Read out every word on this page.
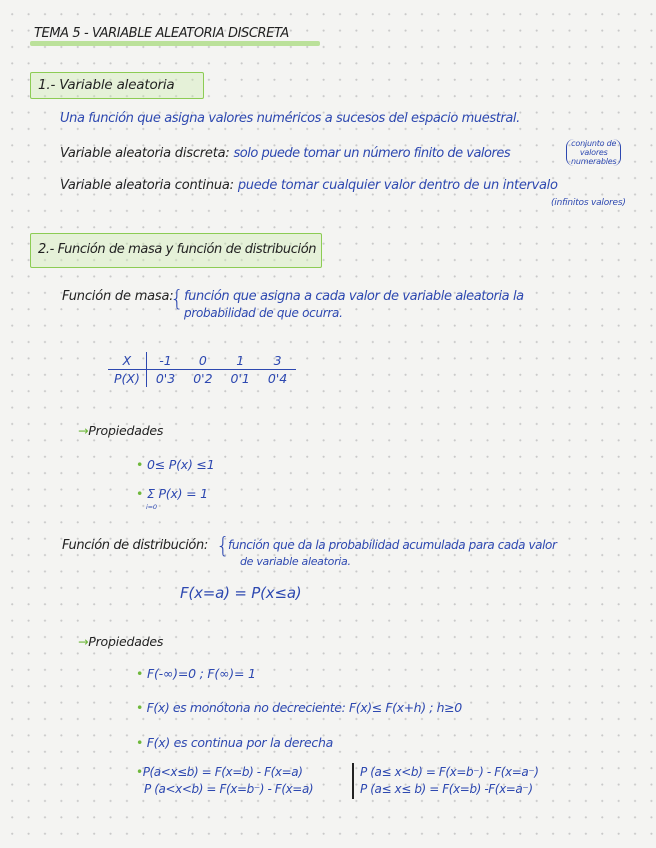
TEMA 5 - VARIABLE ALEATORIA DISCRETA
1.- Variable aleatoria
Una función que asigna valores numéricos a sucesos del espacio muestral.
Variable aleatoria discreta: solo puede tomar un número finito de valores
conjunto de
valores
numerables
Variable aleatoria continua: puede tomar cualquier valor dentro de un intervalo
(infinitos valores)
2.- Función de masa y función de distribución
Función de masa:
{ función que asigna a cada valor de variable aleatoria la
probabilidad de que ocurra.
X	-1	0	1	3
P(X)	0'3	0'2	0'1	0'4
→Propiedades
• 0≤ P(x) ≤1
• Σ P(x) = 1
i=0
Función de distribución: {
función que da la probabilidad acumulada para cada valor
de variable aleatoria.
F(x=a) = P(x≤a)
→Propiedades
• F(-∞)=0 ; F(∞)= 1
• F(x) es monótona no decreciente: F(x)≤ F(x+h) ; h≥0
• F(x) es continua por la derecha
•P(a<x≤b) = F(x=b) - F(x=a)
P (a<x<b) = F(x=b⁻) - F(x=a)
P (a≤ x<b) = F(x=b⁻) - F(x=a⁻)
P (a≤ x≤ b) = F(x=b) -F(x=a⁻)
